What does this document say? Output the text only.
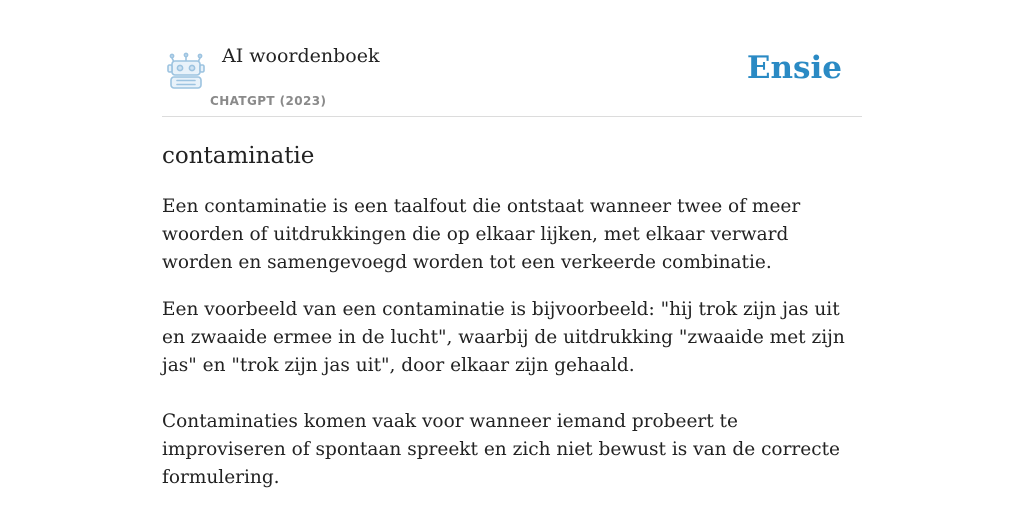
AI woordenboek
CHATGPT (2023)
Ensie
contaminatie

Een contaminatie is een taalfout die ontstaat wanneer twee of meer woorden of uitdrukkingen die op elkaar lijken, met elkaar verward worden en samengevoegd worden tot een verkeerde combinatie.

Een voorbeeld van een contaminatie is bijvoorbeeld: "hij trok zijn jas uit en zwaaide ermee in de lucht", waarbij de uitdrukking "zwaaide met zijn jas" en "trok zijn jas uit", door elkaar zijn gehaald.

Contaminaties komen vaak voor wanneer iemand probeert te improviseren of spontaan spreekt en zich niet bewust is van de correcte formulering.
